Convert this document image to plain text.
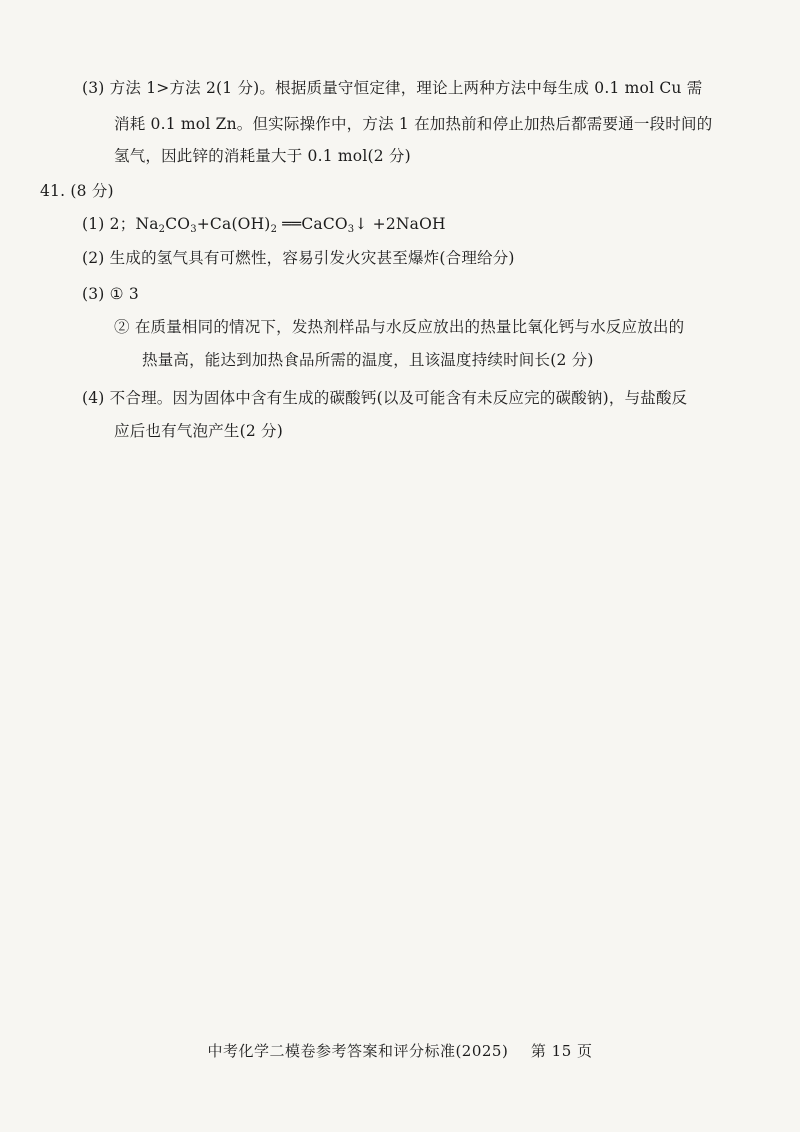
(3) 方法 1>方法 2(1 分)。根据质量守恒定律，理论上两种方法中每生成 0.1 mol Cu 需
消耗 0.1 mol Zn。但实际操作中，方法 1 在加热前和停止加热后都需要通一段时间的
氢气，因此锌的消耗量大于 0.1 mol(2 分)
41. (8 分)
(1) 2；$Na_2CO_3+Ca(OH)_2$ ══CaCO$_3$↓ +2NaOH
(2) 生成的氢气具有可燃性，容易引发火灾甚至爆炸(合理给分)
(3) ① 3
② 在质量相同的情况下，发热剂样品与水反应放出的热量比氧化钙与水反应放出的
热量高，能达到加热食品所需的温度，且该温度持续时间长(2 分)
(4) 不合理。因为固体中含有生成的碳酸钙(以及可能含有未反应完的碳酸钠)，与盐酸反
应后也有气泡产生(2 分)
中考化学二模卷参考答案和评分标准(2025) 第 15 页
